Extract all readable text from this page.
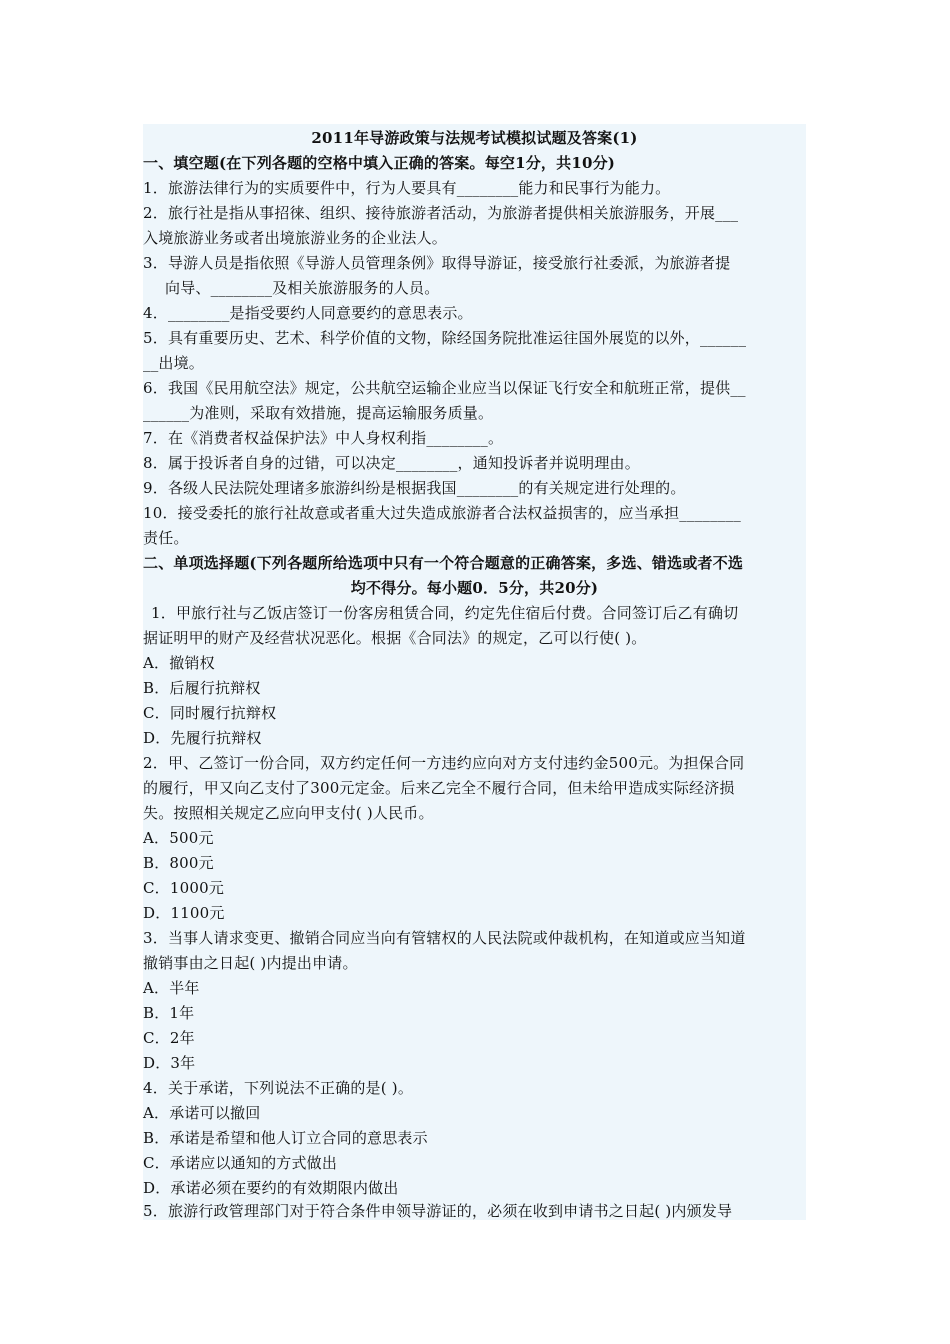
2011年导游政策与法规考试模拟试题及答案(1)
一、填空题(在下列各题的空格中填入正确的答案。每空1分，共10分)
1．旅游法律行为的实质要件中，行为人要具有________能力和民事行为能力。
2．旅行社是指从事招徕、组织、接待旅游者活动，为旅游者提供相关旅游服务，开展___
入境旅游业务或者出境旅游业务的企业法人。
3．导游人员是指依照《导游人员管理条例》取得导游证，接受旅行社委派，为旅游者提
向导、________及相关旅游服务的人员。
4．________是指受要约人同意要约的意思表示。
5．具有重要历史、艺术、科学价值的文物，除经国务院批准运往国外展览的以外，______
__出境。
6．我国《民用航空法》规定，公共航空运输企业应当以保证飞行安全和航班正常，提供__
______为准则，采取有效措施，提高运输服务质量。
7．在《消费者权益保护法》中人身权利指________。
8．属于投诉者自身的过错，可以决定________，通知投诉者并说明理由。
9．各级人民法院处理诸多旅游纠纷是根据我国________的有关规定进行处理的。
10．接受委托的旅行社故意或者重大过失造成旅游者合法权益损害的，应当承担________
责任。
二、单项选择题(下列各题所给选项中只有一个符合题意的正确答案，多选、错选或者不选
均不得分。每小题0．5分，共20分)
1．甲旅行社与乙饭店签订一份客房租赁合同，约定先住宿后付费。合同签订后乙有确切
据证明甲的财产及经营状况恶化。根据《合同法》的规定，乙可以行使( )。
A．撤销权
B．后履行抗辩权
C．同时履行抗辩权
D．先履行抗辩权
2．甲、乙签订一份合同，双方约定任何一方违约应向对方支付违约金500元。为担保合同
的履行，甲又向乙支付了300元定金。后来乙完全不履行合同，但未给甲造成实际经济损
失。按照相关规定乙应向甲支付( )人民币。
A．500元
B．800元
C．1000元
D．1100元
3．当事人请求变更、撤销合同应当向有管辖权的人民法院或仲裁机构，在知道或应当知道
撤销事由之日起( )内提出申请。
A．半年
B．1年
C．2年
D．3年
4．关于承诺，下列说法不正确的是( )。
A．承诺可以撤回
B．承诺是希望和他人订立合同的意思表示
C．承诺应以通知的方式做出
D．承诺必须在要约的有效期限内做出
5．旅游行政管理部门对于符合条件申领导游证的，必须在收到申请书之日起( )内颁发导
